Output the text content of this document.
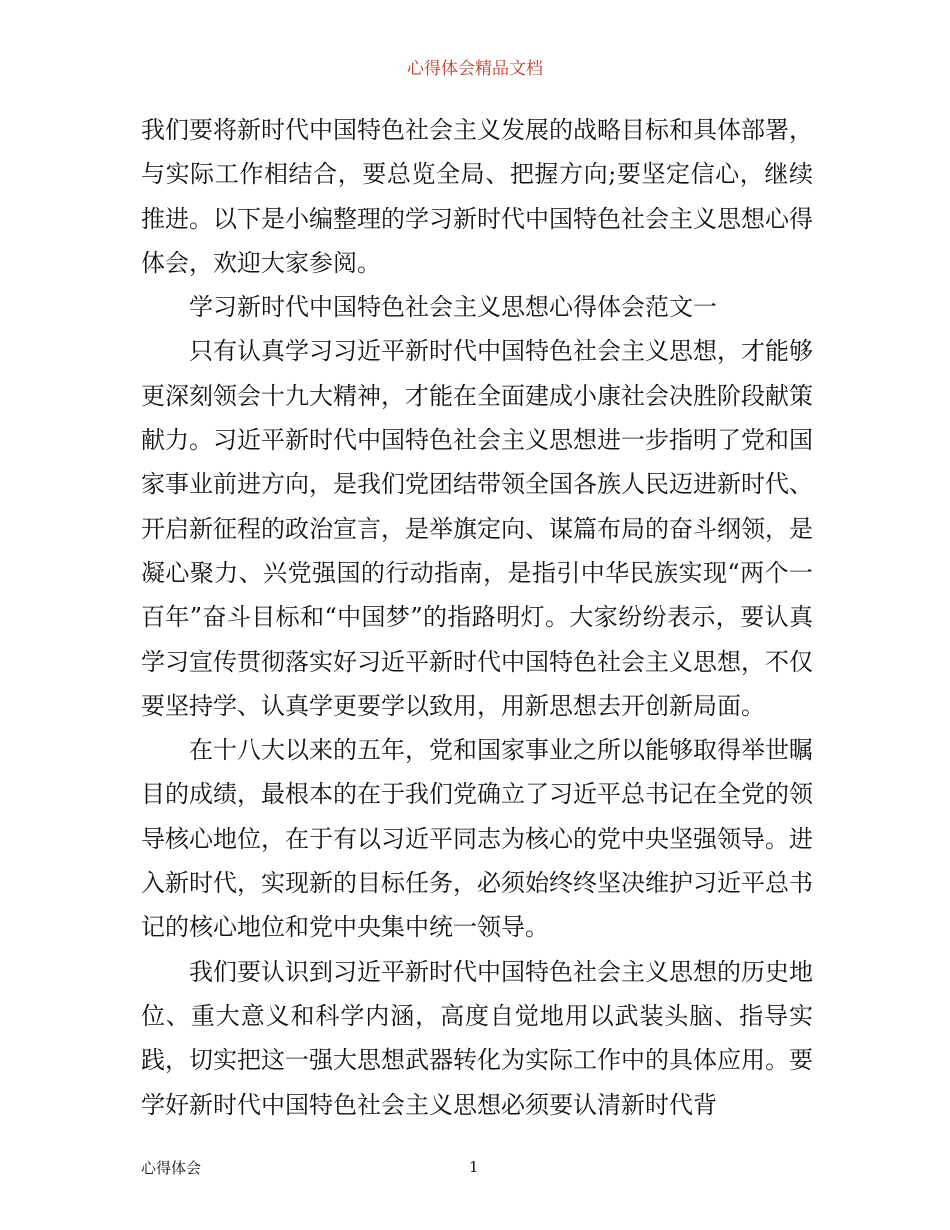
心得体会精品文档

我们要将新时代中国特色社会主义发展的战略目标和具体部署，与实际工作相结合，要总览全局、把握方向;要坚定信心，继续推进。以下是小编整理的学习新时代中国特色社会主义思想心得体会，欢迎大家参阅。

学习新时代中国特色社会主义思想心得体会范文一

只有认真学习习近平新时代中国特色社会主义思想，才能够更深刻领会十九大精神，才能在全面建成小康社会决胜阶段献策献力。习近平新时代中国特色社会主义思想进一步指明了党和国家事业前进方向，是我们党团结带领全国各族人民迈进新时代、开启新征程的政治宣言，是举旗定向、谋篇布局的奋斗纲领，是凝心聚力、兴党强国的行动指南，是指引中华民族实现“两个一百年”奋斗目标和“中国梦”的指路明灯。大家纷纷表示，要认真学习宣传贯彻落实好习近平新时代中国特色社会主义思想，不仅要坚持学、认真学更要学以致用，用新思想去开创新局面。

在十八大以来的五年，党和国家事业之所以能够取得举世瞩目的成绩，最根本的在于我们党确立了习近平总书记在全党的领导核心地位，在于有以习近平同志为核心的党中央坚强领导。进入新时代，实现新的目标任务，必须始终终坚决维护习近平总书记的核心地位和党中央集中统一领导。

我们要认识到习近平新时代中国特色社会主义思想的历史地位、重大意义和科学内涵，高度自觉地用以武装头脑、指导实践，切实把这一强大思想武器转化为实际工作中的具体应用。要学好新时代中国特色社会主义思想必须要认清新时代背

心得体会	1
